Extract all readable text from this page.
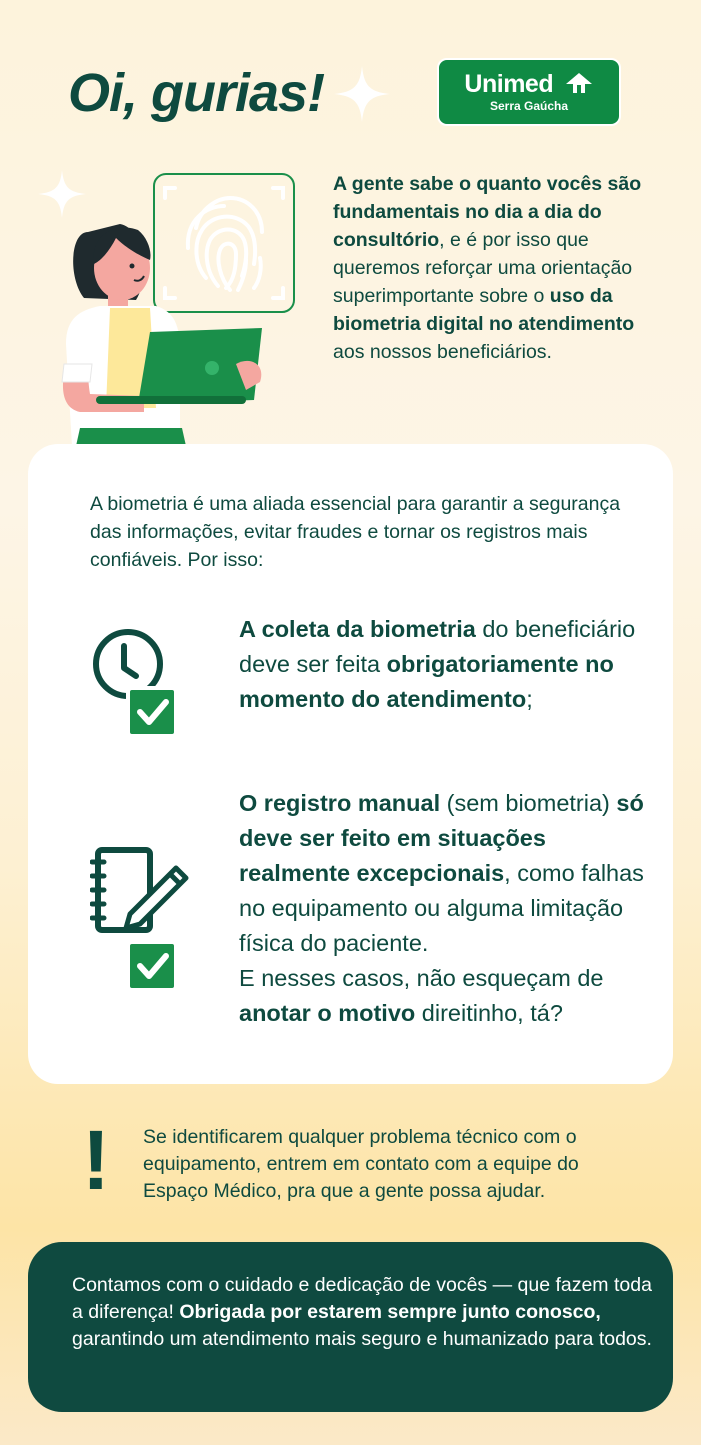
Oi, gurias!	Unimed
Serra Gaúcha

A gente sabe o quanto vocês são fundamentais no dia a dia do consultório, e é por isso que queremos reforçar uma orientação superimportante sobre o uso da biometria digital no atendimento aos nossos beneficiários.

A biometria é uma aliada essencial para garantir a segurança das informações, evitar fraudes e tornar os registros mais confiáveis. Por isso:

A coleta da biometria do beneficiário deve ser feita obrigatoriamente no momento do atendimento;

O registro manual (sem biometria) só deve ser feito em situações realmente excepcionais, como falhas no equipamento ou alguma limitação física do paciente.
E nesses casos, não esqueçam de anotar o motivo direitinho, tá?

! Se identificarem qualquer problema técnico com o equipamento, entrem em contato com a equipe do Espaço Médico, pra que a gente possa ajudar.

Contamos com o cuidado e dedicação de vocês — que fazem toda a diferença! Obrigada por estarem sempre junto conosco, garantindo um atendimento mais seguro e humanizado para todos.
